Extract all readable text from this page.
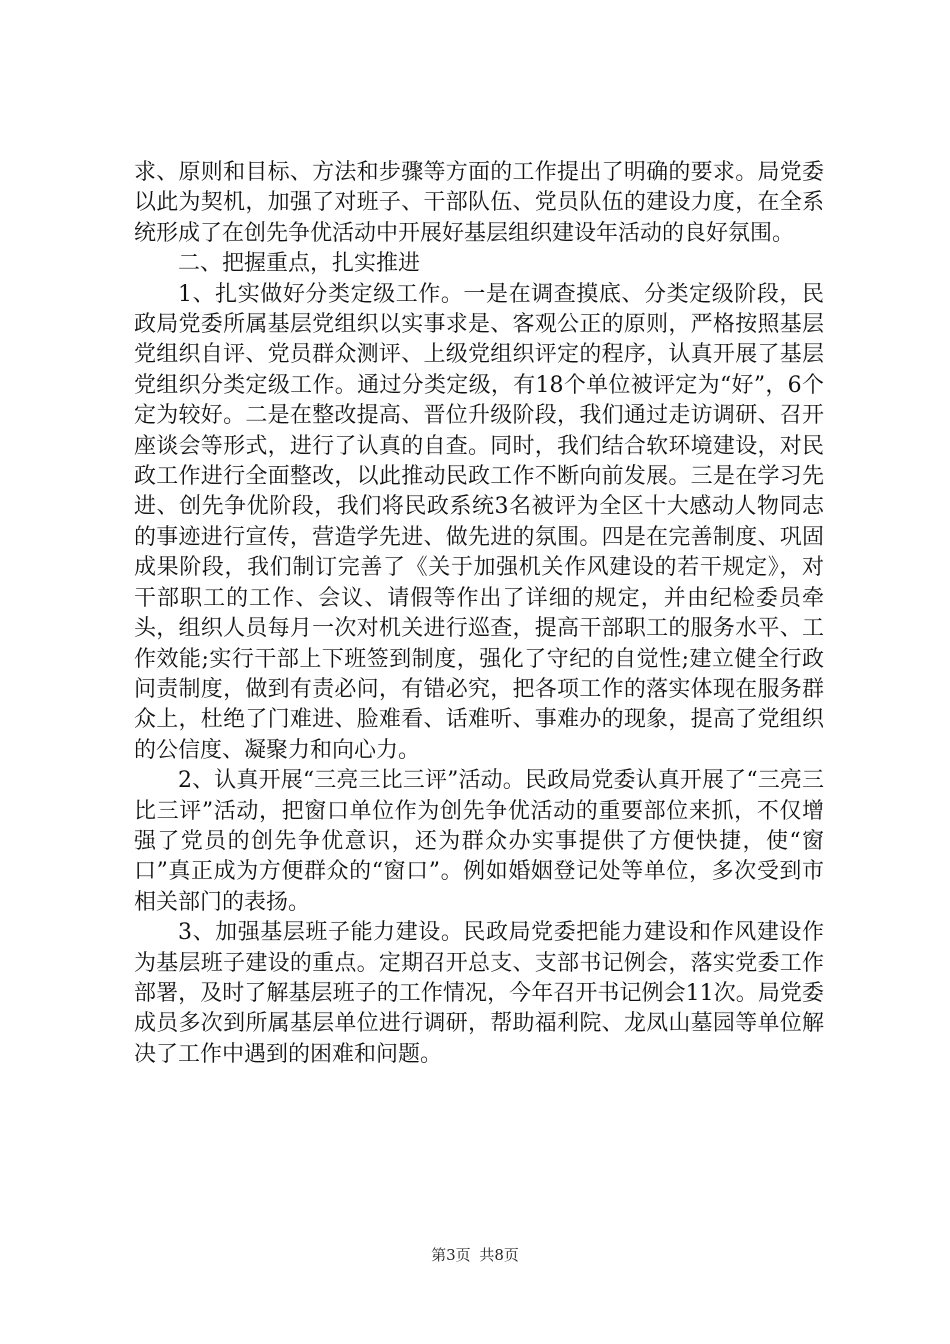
求、原则和目标、方法和步骤等方面的工作提出了明确的要求。局党委以此为契机，加强了对班子、干部队伍、党员队伍的建设力度，在全系统形成了在创先争优活动中开展好基层组织建设年活动的良好氛围。

二、把握重点，扎实推进

1、扎实做好分类定级工作。一是在调查摸底、分类定级阶段，民政局党委所属基层党组织以实事求是、客观公正的原则，严格按照基层党组织自评、党员群众测评、上级党组织评定的程序，认真开展了基层党组织分类定级工作。通过分类定级，有18个单位被评定为“好”，6个定为较好。二是在整改提高、晋位升级阶段，我们通过走访调研、召开座谈会等形式，进行了认真的自查。同时，我们结合软环境建设，对民政工作进行全面整改，以此推动民政工作不断向前发展。三是在学习先进、创先争优阶段，我们将民政系统3名被评为全区十大感动人物同志的事迹进行宣传，营造学先进、做先进的氛围。四是在完善制度、巩固成果阶段，我们制订完善了《关于加强机关作风建设的若干规定》，对干部职工的工作、会议、请假等作出了详细的规定，并由纪检委员牵头，组织人员每月一次对机关进行巡查，提高干部职工的服务水平、工作效能;实行干部上下班签到制度，强化了守纪的自觉性;建立健全行政问责制度，做到有责必问，有错必究，把各项工作的落实体现在服务群众上，杜绝了门难进、脸难看、话难听、事难办的现象，提高了党组织的公信度、凝聚力和向心力。

2、认真开展“三亮三比三评”活动。民政局党委认真开展了“三亮三比三评”活动，把窗口单位作为创先争优活动的重要部位来抓，不仅增强了党员的创先争优意识，还为群众办实事提供了方便快捷，使“窗口”真正成为方便群众的“窗口”。例如婚姻登记处等单位，多次受到市相关部门的表扬。

3、加强基层班子能力建设。民政局党委把能力建设和作风建设作为基层班子建设的重点。定期召开总支、支部书记例会，落实党委工作部署，及时了解基层班子的工作情况，今年召开书记例会11次。局党委成员多次到所属基层单位进行调研，帮助福利院、龙凤山墓园等单位解决了工作中遇到的困难和问题。

第3页 共8页
